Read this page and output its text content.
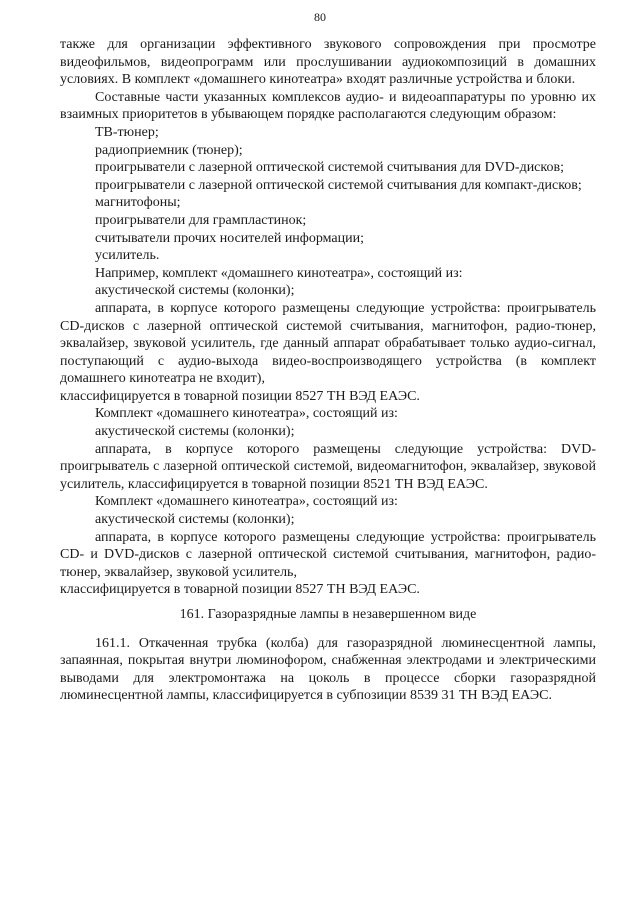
80

также для организации эффективного звукового сопровождения при просмотре видеофильмов, видеопрограмм или прослушивании аудиокомпозиций в домашних условиях. В комплект «домашнего кинотеатра» входят различные устройства и блоки.

Составные части указанных комплексов аудио- и видеоаппаратуры по уровню их взаимных приоритетов в убывающем порядке располагаются следующим образом:

ТВ-тюнер;

радиоприемник (тюнер);

проигрыватели с лазерной оптической системой считывания для DVD-дисков;

проигрыватели с лазерной оптической системой считывания для компакт-дисков;

магнитофоны;

проигрыватели для грампластинок;

считыватели прочих носителей информации;

усилитель.

Например, комплект «домашнего кинотеатра», состоящий из:

акустической системы (колонки);

аппарата, в корпусе которого размещены следующие устройства: проигрыватель CD-дисков с лазерной оптической системой считывания, магнитофон, радио-тюнер, эквалайзер, звуковой усилитель, где данный аппарат обрабатывает только аудио-сигнал, поступающий с аудио-выхода видео-воспроизводящего устройства (в комплект домашнего кинотеатра не входит),

классифицируется в товарной позиции 8527 ТН ВЭД ЕАЭС.

Комплект «домашнего кинотеатра», состоящий из:

акустической системы (колонки);

аппарата, в корпусе которого размещены следующие устройства: DVD-проигрыватель с лазерной оптической системой, видеомагнитофон, эквалайзер, звуковой усилитель, классифицируется в товарной позиции 8521 ТН ВЭД ЕАЭС.

Комплект «домашнего кинотеатра», состоящий из:

акустической системы (колонки);

аппарата, в корпусе которого размещены следующие устройства: проигрыватель CD- и DVD-дисков с лазерной оптической системой считывания, магнитофон, радио-тюнер, эквалайзер, звуковой усилитель,

классифицируется в товарной позиции 8527 ТН ВЭД ЕАЭС.

161. Газоразрядные лампы в незавершенном виде

161.1. Откаченная трубка (колба) для газоразрядной люминесцентной лампы, запаянная, покрытая внутри люминофором, снабженная электродами и электрическими выводами для электромонтажа на цоколь в процессе сборки газоразрядной люминесцентной лампы, классифицируется в субпозиции 8539 31 ТН ВЭД ЕАЭС.
